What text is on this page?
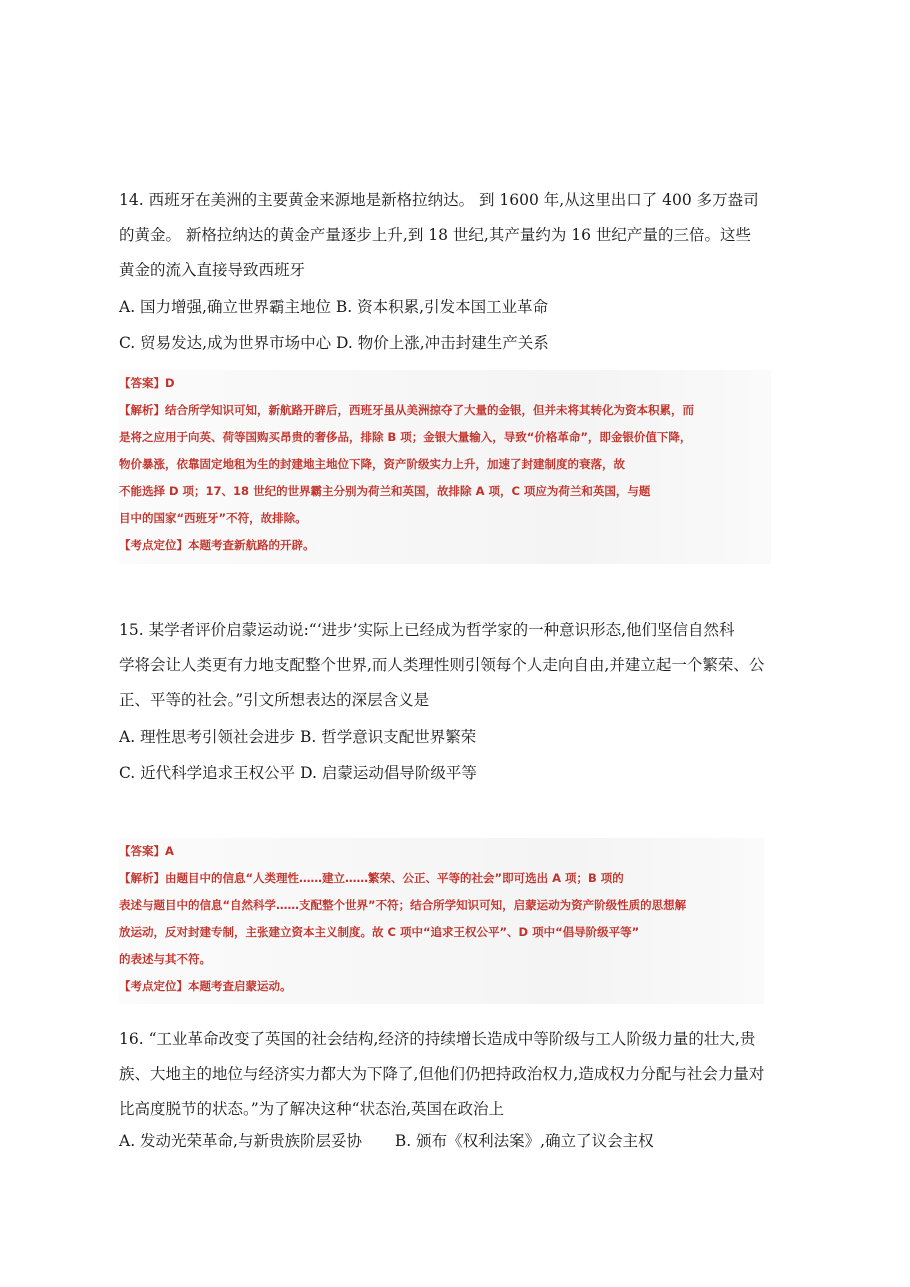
14. 西班牙在美洲的主要黄金来源地是新格拉纳达。 到 1600 年,从这里出口了 400 多万盎司

的黄金。 新格拉纳达的黄金产量逐步上升,到 18 世纪,其产量约为 16 世纪产量的三倍。这些

黄金的流入直接导致西班牙

A. 国力增强,确立世界霸主地位 B. 资本积累,引发本国工业革命
C. 贸易发达,成为世界市场中心 D. 物价上涨,冲击封建生产关系

【答案】D

【解析】结合所学知识可知，新航路开辟后，西班牙虽从美洲掠夺了大量的金银，但并未将其转化为资本积累，而

是将之应用于向英、荷等国购买昂贵的奢侈品，排除 B 项；金银大量输入，导致“价格革命”，即金银价值下降，

物价暴涨，依靠固定地租为生的封建地主地位下降，资产阶级实力上升，加速了封建制度的衰落，故

不能选择 D 项；17、18 世纪的世界霸主分别为荷兰和英国，故排除 A 项，C 项应为荷兰和英国，与题

目中的国家“西班牙”不符，故排除。

【考点定位】本题考查新航路的开辟。

15. 某学者评价启蒙运动说:“‘进步’实际上已经成为哲学家的一种意识形态,他们坚信自然科

学将会让人类更有力地支配整个世界,而人类理性则引领每个人走向自由,并建立起一个繁荣、公

正、平等的社会。”引文所想表达的深层含义是

A. 理性思考引领社会进步 B. 哲学意识支配世界繁荣
C. 近代科学追求王权公平 D. 启蒙运动倡导阶级平等

【答案】A

【解析】由题目中的信息“人类理性……建立……繁荣、公正、平等的社会”即可选出 A 项；B 项的

表述与题目中的信息“自然科学……支配整个世界”不符；结合所学知识可知，启蒙运动为资产阶级性质的思想解

放运动，反对封建专制，主张建立资本主义制度。故 C 项中“追求王权公平”、D 项中“倡导阶级平等”

的表述与其不符。

【考点定位】本题考查启蒙运动。

16. “工业革命改变了英国的社会结构,经济的持续增长造成中等阶级与工人阶级力量的壮大,贵

族、大地主的地位与经济实力都大为下降了,但他们仍把持政治权力,造成权力分配与社会力量对

比高度脱节的状态。”为了解决这种“状态治,英国在政治上

A. 发动光荣革命,与新贵族阶层妥协 B. 颁布《权利法案》,确立了议会主权
